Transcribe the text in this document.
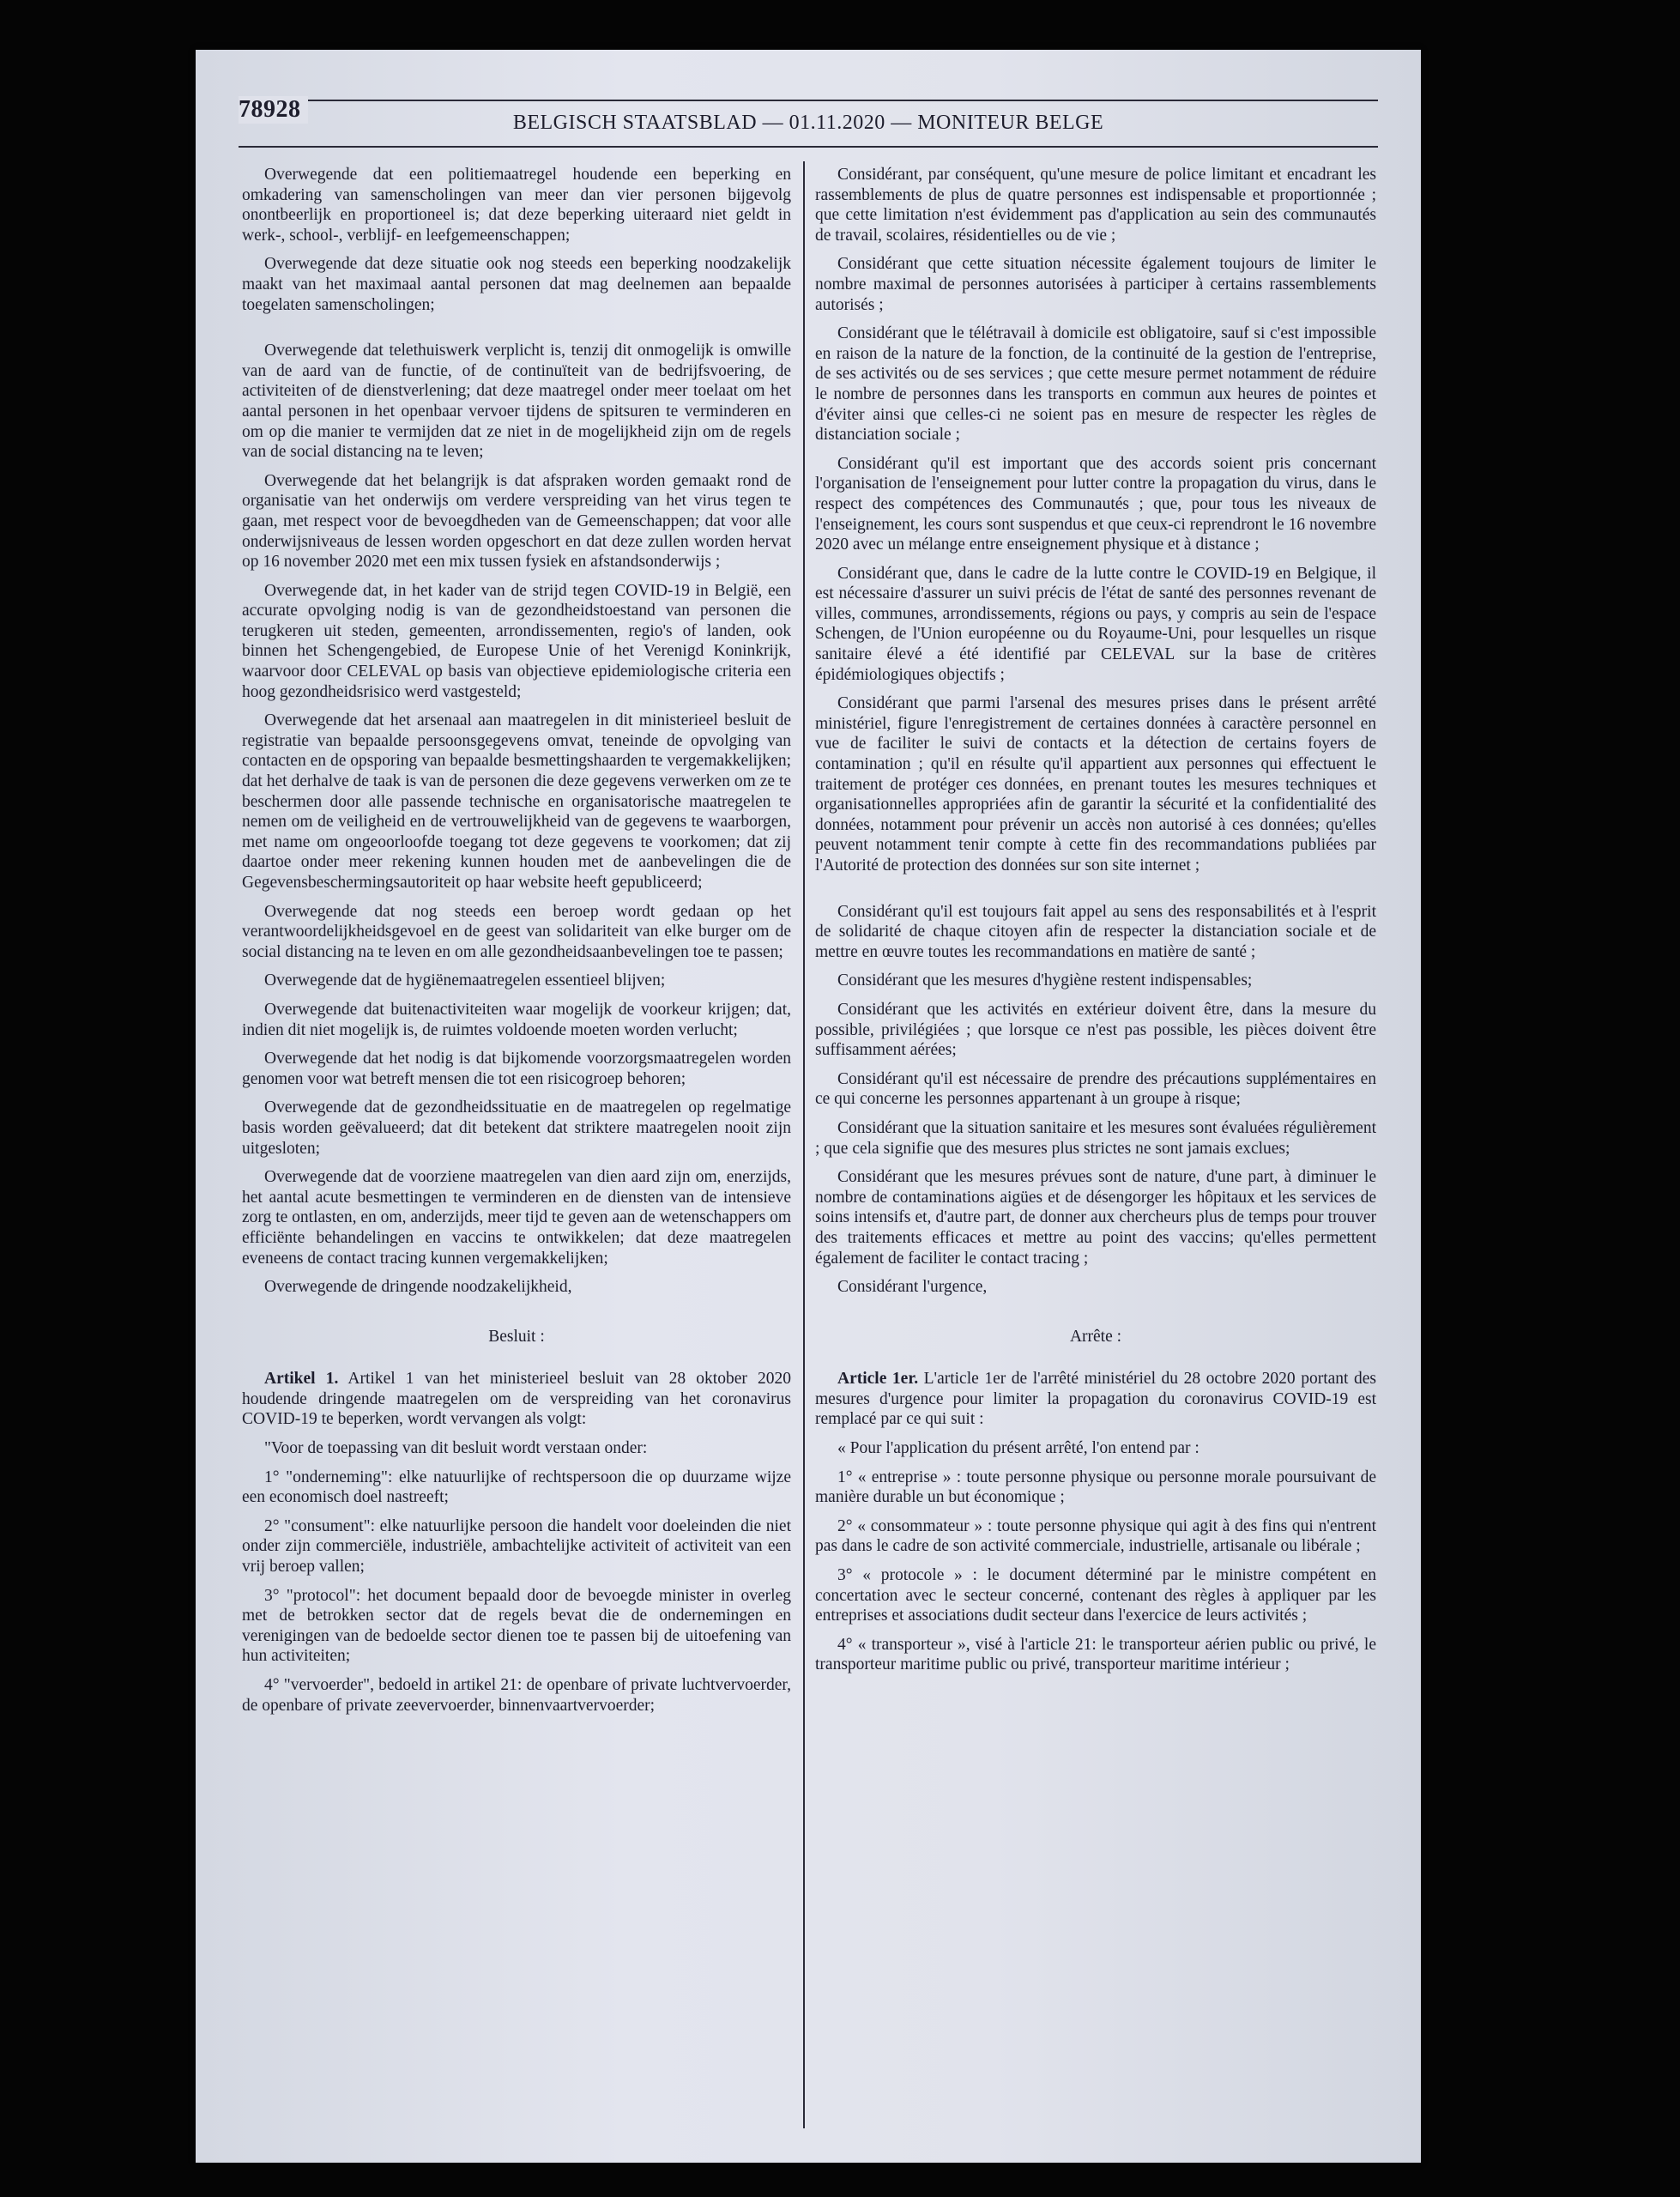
78928	BELGISCH STAATSBLAD — 01.11.2020 — MONITEUR BELGE

Overwegende dat een politiemaatregel houdende een beperking en omkadering van samenscholingen van meer dan vier personen bijgevolg onontbeerlijk en proportioneel is; dat deze beperking uiteraard niet geldt in werk-, school-, verblijf- en leefgemeenschappen;

Overwegende dat deze situatie ook nog steeds een beperking noodzakelijk maakt van het maximaal aantal personen dat mag deelnemen aan bepaalde toegelaten samenscholingen;

Overwegende dat telethuiswerk verplicht is, tenzij dit onmogelijk is omwille van de aard van de functie, of de continuïteit van de bedrijfsvoering, de activiteiten of de dienstverlening; dat deze maatregel onder meer toelaat om het aantal personen in het openbaar vervoer tijdens de spitsuren te verminderen en om op die manier te vermijden dat ze niet in de mogelijkheid zijn om de regels van de social distancing na te leven;

Overwegende dat het belangrijk is dat afspraken worden gemaakt rond de organisatie van het onderwijs om verdere verspreiding van het virus tegen te gaan, met respect voor de bevoegdheden van de Gemeenschappen; dat voor alle onderwijsniveaus de lessen worden opgeschort en dat deze zullen worden hervat op 16 november 2020 met een mix tussen fysiek en afstandsonderwijs ;

Overwegende dat, in het kader van de strijd tegen COVID-19 in België, een accurate opvolging nodig is van de gezondheidstoestand van personen die terugkeren uit steden, gemeenten, arrondissementen, regio's of landen, ook binnen het Schengengebied, de Europese Unie of het Verenigd Koninkrijk, waarvoor door CELEVAL op basis van objectieve epidemiologische criteria een hoog gezondheidsrisico werd vastgesteld;

Overwegende dat het arsenaal aan maatregelen in dit ministerieel besluit de registratie van bepaalde persoonsgegevens omvat, teneinde de opvolging van contacten en de opsporing van bepaalde besmettingshaarden te vergemakkelijken; dat het derhalve de taak is van de personen die deze gegevens verwerken om ze te beschermen door alle passende technische en organisatorische maatregelen te nemen om de veiligheid en de vertrouwelijkheid van de gegevens te waarborgen, met name om ongeoorloofde toegang tot deze gegevens te voorkomen; dat zij daartoe onder meer rekening kunnen houden met de aanbevelingen die de Gegevensbeschermingsautoriteit op haar website heeft gepubliceerd;

Overwegende dat nog steeds een beroep wordt gedaan op het verantwoordelijkheidsgevoel en de geest van solidariteit van elke burger om de social distancing na te leven en om alle gezondheidsaanbevelingen toe te passen;

Overwegende dat de hygiënemaatregelen essentieel blijven;

Overwegende dat buitenactiviteiten waar mogelijk de voorkeur krijgen; dat, indien dit niet mogelijk is, de ruimtes voldoende moeten worden verlucht;

Overwegende dat het nodig is dat bijkomende voorzorgsmaatregelen worden genomen voor wat betreft mensen die tot een risicogroep behoren;

Overwegende dat de gezondheidssituatie en de maatregelen op regelmatige basis worden geëvalueerd; dat dit betekent dat striktere maatregelen nooit zijn uitgesloten;

Overwegende dat de voorziene maatregelen van dien aard zijn om, enerzijds, het aantal acute besmettingen te verminderen en de diensten van de intensieve zorg te ontlasten, en om, anderzijds, meer tijd te geven aan de wetenschappers om efficiënte behandelingen en vaccins te ontwikkelen; dat deze maatregelen eveneens de contact tracing kunnen vergemakkelijken;

Overwegende de dringende noodzakelijkheid,

Besluit :

Artikel 1. Artikel 1 van het ministerieel besluit van 28 oktober 2020 houdende dringende maatregelen om de verspreiding van het coronavirus COVID-19 te beperken, wordt vervangen als volgt:

"Voor de toepassing van dit besluit wordt verstaan onder:

1° "onderneming": elke natuurlijke of rechtspersoon die op duurzame wijze een economisch doel nastreeft;

2° "consument": elke natuurlijke persoon die handelt voor doeleinden die niet onder zijn commerciële, industriële, ambachtelijke activiteit of activiteit van een vrij beroep vallen;

3° "protocol": het document bepaald door de bevoegde minister in overleg met de betrokken sector dat de regels bevat die de ondernemingen en verenigingen van de bedoelde sector dienen toe te passen bij de uitoefening van hun activiteiten;

4° "vervoerder", bedoeld in artikel 21: de openbare of private luchtvervoerder, de openbare of private zeevervoerder, binnenvaartvervoerder;

Considérant, par conséquent, qu'une mesure de police limitant et encadrant les rassemblements de plus de quatre personnes est indispensable et proportionnée ; que cette limitation n'est évidemment pas d'application au sein des communautés de travail, scolaires, résidentielles ou de vie ;

Considérant que cette situation nécessite également toujours de limiter le nombre maximal de personnes autorisées à participer à certains rassemblements autorisés ;

Considérant que le télétravail à domicile est obligatoire, sauf si c'est impossible en raison de la nature de la fonction, de la continuité de la gestion de l'entreprise, de ses activités ou de ses services ; que cette mesure permet notamment de réduire le nombre de personnes dans les transports en commun aux heures de pointes et d'éviter ainsi que celles-ci ne soient pas en mesure de respecter les règles de distanciation sociale ;

Considérant qu'il est important que des accords soient pris concernant l'organisation de l'enseignement pour lutter contre la propagation du virus, dans le respect des compétences des Communautés ; que, pour tous les niveaux de l'enseignement, les cours sont suspendus et que ceux-ci reprendront le 16 novembre 2020 avec un mélange entre enseignement physique et à distance ;

Considérant que, dans le cadre de la lutte contre le COVID-19 en Belgique, il est nécessaire d'assurer un suivi précis de l'état de santé des personnes revenant de villes, communes, arrondissements, régions ou pays, y compris au sein de l'espace Schengen, de l'Union européenne ou du Royaume-Uni, pour lesquelles un risque sanitaire élevé a été identifié par CELEVAL sur la base de critères épidémiologiques objectifs ;

Considérant que parmi l'arsenal des mesures prises dans le présent arrêté ministériel, figure l'enregistrement de certaines données à caractère personnel en vue de faciliter le suivi de contacts et la détection de certains foyers de contamination ; qu'il en résulte qu'il appartient aux personnes qui effectuent le traitement de protéger ces données, en prenant toutes les mesures techniques et organisationnelles appropriées afin de garantir la sécurité et la confidentialité des données, notamment pour prévenir un accès non autorisé à ces données; qu'elles peuvent notamment tenir compte à cette fin des recommandations publiées par l'Autorité de protection des données sur son site internet ;

Considérant qu'il est toujours fait appel au sens des responsabilités et à l'esprit de solidarité de chaque citoyen afin de respecter la distanciation sociale et de mettre en œuvre toutes les recommandations en matière de santé ;

Considérant que les mesures d'hygiène restent indispensables;

Considérant que les activités en extérieur doivent être, dans la mesure du possible, privilégiées ; que lorsque ce n'est pas possible, les pièces doivent être suffisamment aérées;

Considérant qu'il est nécessaire de prendre des précautions supplémentaires en ce qui concerne les personnes appartenant à un groupe à risque;

Considérant que la situation sanitaire et les mesures sont évaluées régulièrement ; que cela signifie que des mesures plus strictes ne sont jamais exclues;

Considérant que les mesures prévues sont de nature, d'une part, à diminuer le nombre de contaminations aigües et de désengorger les hôpitaux et les services de soins intensifs et, d'autre part, de donner aux chercheurs plus de temps pour trouver des traitements efficaces et mettre au point des vaccins; qu'elles permettent également de faciliter le contact tracing ;

Considérant l'urgence,

Arrête :

Article 1er. L'article 1er de l'arrêté ministériel du 28 octobre 2020 portant des mesures d'urgence pour limiter la propagation du coronavirus COVID-19 est remplacé par ce qui suit :

« Pour l'application du présent arrêté, l'on entend par :

1° « entreprise » : toute personne physique ou personne morale poursuivant de manière durable un but économique ;

2° « consommateur » : toute personne physique qui agit à des fins qui n'entrent pas dans le cadre de son activité commerciale, industrielle, artisanale ou libérale ;

3° « protocole » : le document déterminé par le ministre compétent en concertation avec le secteur concerné, contenant des règles à appliquer par les entreprises et associations dudit secteur dans l'exercice de leurs activités ;

4° « transporteur », visé à l'article 21: le transporteur aérien public ou privé, le transporteur maritime public ou privé, transporteur maritime intérieur ;
